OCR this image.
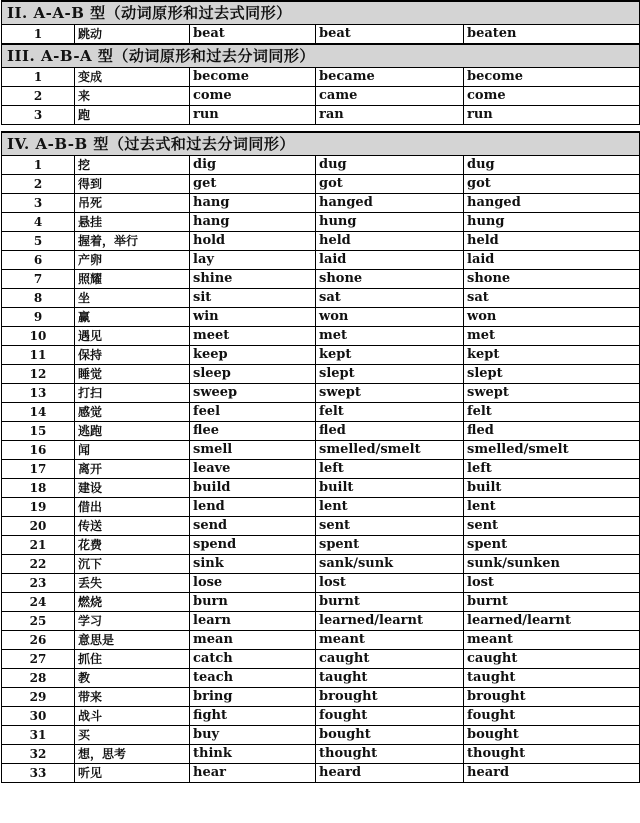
II. A-A-B 型（动词原形和过去式同形）				
1	跳动	beat	beat	beaten
III. A-B-A 型（动词原形和过去分词同形）				
1	变成	become	became	become
2	来	come	came	come
3	跑	run	ran	run

IV. A-B-B 型（过去式和过去分词同形）				
1	挖	dig	dug	dug
2	得到	get	got	got
3	吊死	hang	hanged	hanged
4	悬挂	hang	hung	hung
5	握着，举行	hold	held	held
6	产卵	lay	laid	laid
7	照耀	shine	shone	shone
8	坐	sit	sat	sat
9	赢	win	won	won
10	遇见	meet	met	met
11	保持	keep	kept	kept
12	睡觉	sleep	slept	slept
13	打扫	sweep	swept	swept
14	感觉	feel	felt	felt
15	逃跑	flee	fled	fled
16	闻	smell	smelled/smelt	smelled/smelt
17	离开	leave	left	left
18	建设	build	built	built
19	借出	lend	lent	lent
20	传送	send	sent	sent
21	花费	spend	spent	spent
22	沉下	sink	sank/sunk	sunk/sunken
23	丢失	lose	lost	lost
24	燃烧	burn	burnt	burnt
25	学习	learn	learned/learnt	learned/learnt
26	意思是	mean	meant	meant
27	抓住	catch	caught	caught
28	教	teach	taught	taught
29	带来	bring	brought	brought
30	战斗	fight	fought	fought
31	买	buy	bought	bought
32	想，思考	think	thought	thought
33	听见	hear	heard	heard
